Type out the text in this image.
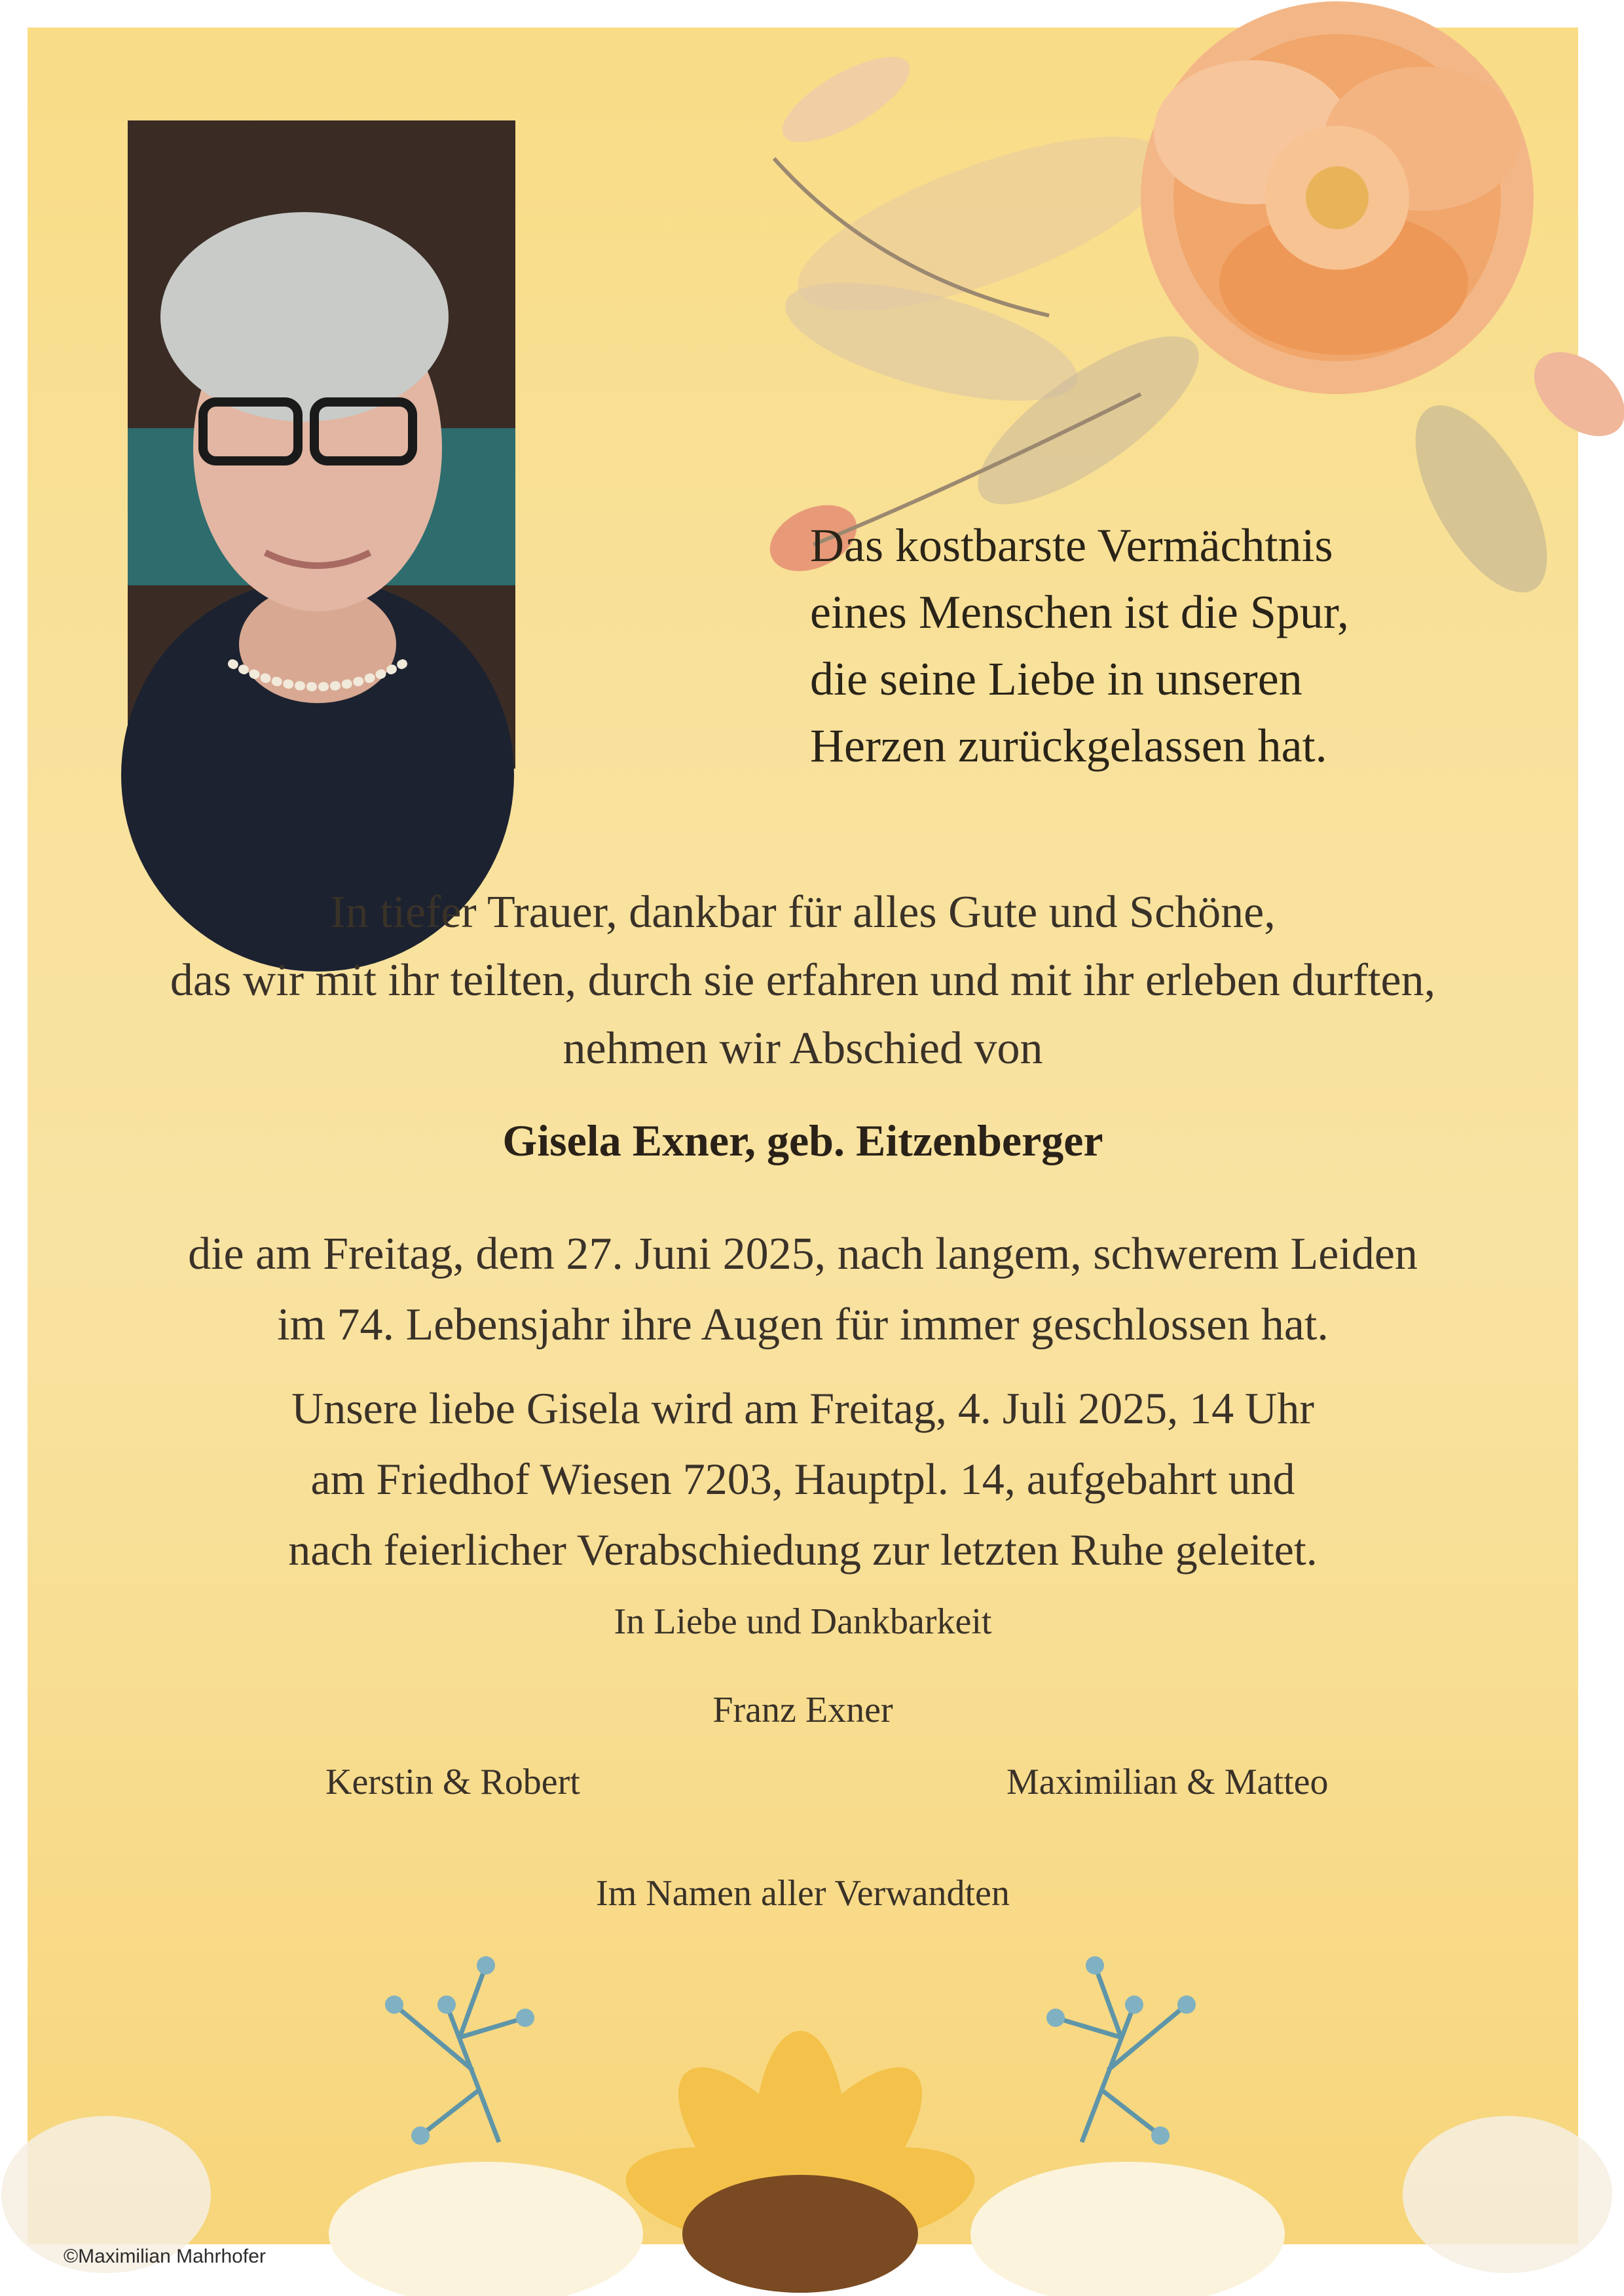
Das kostbarste Vermächtnis
eines Menschen ist die Spur,
die seine Liebe in unseren
Herzen zurückgelassen hat.
In tiefer Trauer, dankbar für alles Gute und Schöne,
das wir mit ihr teilten, durch sie erfahren und mit ihr erleben durften,
nehmen wir Abschied von
Gisela Exner, geb. Eitzenberger
die am Freitag, dem 27. Juni 2025, nach langem, schwerem Leiden
im 74. Lebensjahr ihre Augen für immer geschlossen hat.
Unsere liebe Gisela wird am Freitag, 4. Juli 2025, 14 Uhr
am Friedhof Wiesen 7203, Hauptpl. 14, aufgebahrt und
nach feierlicher Verabschiedung zur letzten Ruhe geleitet.
In Liebe und Dankbarkeit
Franz Exner
Kerstin & Robert	Maximilian & Matteo
Im Namen aller Verwandten
©Maximilian Mahrhofer
